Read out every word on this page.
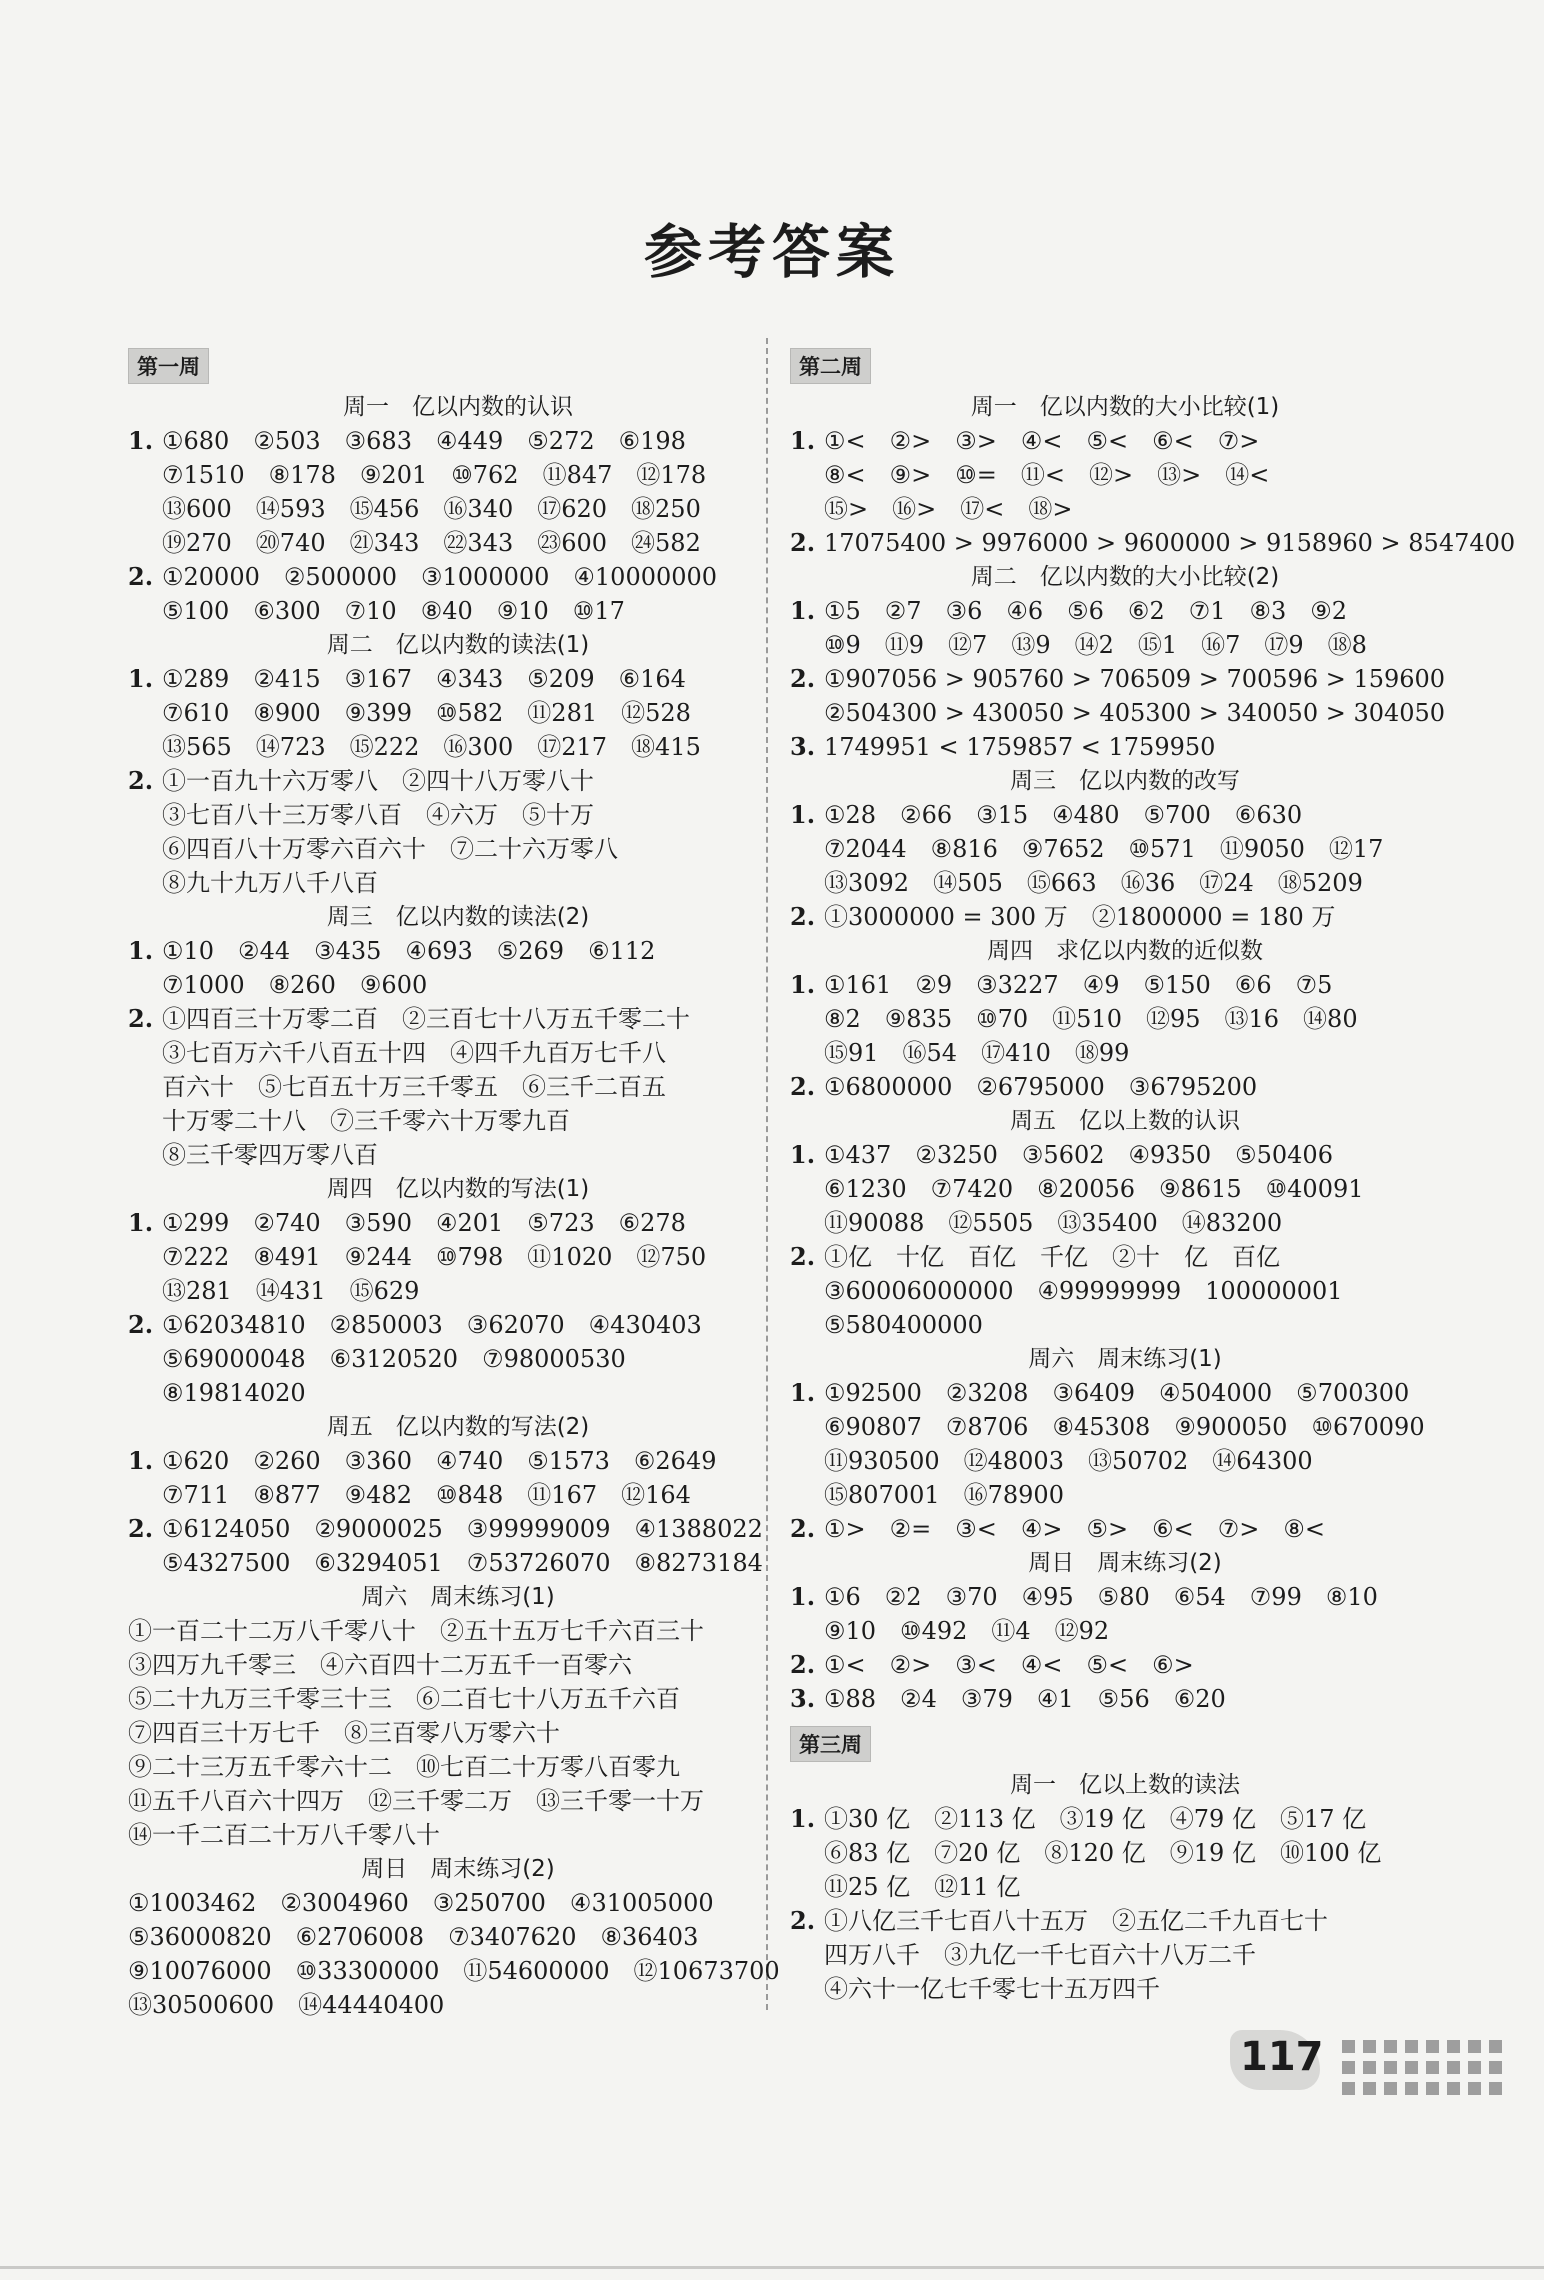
参考答案
第一周
周一　亿以内数的认识
1. ①680　②503　③683　④449　⑤272　⑥198
⑦1510　⑧178　⑨201　⑩762　⑪847　⑫178
⑬600　⑭593　⑮456　⑯340　⑰620　⑱250
⑲270　⑳740　㉑343　㉒343　㉓600　㉔582
2. ①20000　②500000　③1000000　④10000000
⑤100　⑥300　⑦10　⑧40　⑨10　⑩17
周二　亿以内数的读法(1)
1. ①289　②415　③167　④343　⑤209　⑥164
⑦610　⑧900　⑨399　⑩582　⑪281　⑫528
⑬565　⑭723　⑮222　⑯300　⑰217　⑱415
2. ①一百九十六万零八　②四十八万零八十
③七百八十三万零八百　④六万　⑤十万
⑥四百八十万零六百六十　⑦二十六万零八
⑧九十九万八千八百
周三　亿以内数的读法(2)
1. ①10　②44　③435　④693　⑤269　⑥112
⑦1000　⑧260　⑨600
2. ①四百三十万零二百　②三百七十八万五千零二十
③七百万六千八百五十四　④四千九百万七千八
百六十　⑤七百五十万三千零五　⑥三千二百五
十万零二十八　⑦三千零六十万零九百
⑧三千零四万零八百
周四　亿以内数的写法(1)
1. ①299　②740　③590　④201　⑤723　⑥278
⑦222　⑧491　⑨244　⑩798　⑪1020　⑫750
⑬281　⑭431　⑮629
2. ①62034810　②850003　③62070　④430403
⑤69000048　⑥3120520　⑦98000530
⑧19814020
周五　亿以内数的写法(2)
1. ①620　②260　③360　④740　⑤1573　⑥2649
⑦711　⑧877　⑨482　⑩848　⑪167　⑫164
2. ①6124050　②9000025　③99999009　④1388022
⑤4327500　⑥3294051　⑦53726070　⑧8273184
周六　周末练习(1)
①一百二十二万八千零八十　②五十五万七千六百三十
③四万九千零三　④六百四十二万五千一百零六
⑤二十九万三千零三十三　⑥二百七十八万五千六百
⑦四百三十万七千　⑧三百零八万零六十
⑨二十三万五千零六十二　⑩七百二十万零八百零九
⑪五千八百六十四万　⑫三千零二万　⑬三千零一十万
⑭一千二百二十万八千零八十
周日　周末练习(2)
①1003462　②3004960　③250700　④31005000
⑤36000820　⑥2706008　⑦3407620　⑧36403
⑨10076000　⑩33300000　⑪54600000　⑫10673700
⑬30500600　⑭44440400
第二周
周一　亿以内数的大小比较(1)
1. ①<　②>　③>　④<　⑤<　⑥<　⑦>
⑧<　⑨>　⑩=　⑪<　⑫>　⑬>　⑭<
⑮>　⑯>　⑰<　⑱>
2. 17075400 > 9976000 > 9600000 > 9158960 > 8547400
周二　亿以内数的大小比较(2)
1. ①5　②7　③6　④6　⑤6　⑥2　⑦1　⑧3　⑨2
⑩9　⑪9　⑫7　⑬9　⑭2　⑮1　⑯7　⑰9　⑱8
2. ①907056 > 905760 > 706509 > 700596 > 159600
②504300 > 430050 > 405300 > 340050 > 304050
3. 1749951 < 1759857 < 1759950
周三　亿以内数的改写
1. ①28　②66　③15　④480　⑤700　⑥630
⑦2044　⑧816　⑨7652　⑩571　⑪9050　⑫17
⑬3092　⑭505　⑮663　⑯36　⑰24　⑱5209
2. ①3000000 = 300 万　②1800000 = 180 万
周四　求亿以内数的近似数
1. ①161　②9　③3227　④9　⑤150　⑥6　⑦5
⑧2　⑨835　⑩70　⑪510　⑫95　⑬16　⑭80
⑮91　⑯54　⑰410　⑱99
2. ①6800000　②6795000　③6795200
周五　亿以上数的认识
1. ①437　②3250　③5602　④9350　⑤50406
⑥1230　⑦7420　⑧20056　⑨8615　⑩40091
⑪90088　⑫5505　⑬35400　⑭83200
2. ①亿　十亿　百亿　千亿　②十　亿　百亿
③60006000000　④99999999　100000001
⑤580400000
周六　周末练习(1)
1. ①92500　②3208　③6409　④504000　⑤700300
⑥90807　⑦8706　⑧45308　⑨900050　⑩670090
⑪930500　⑫48003　⑬50702　⑭64300
⑮807001　⑯78900
2. ①>　②=　③<　④>　⑤>　⑥<　⑦>　⑧<
周日　周末练习(2)
1. ①6　②2　③70　④95　⑤80　⑥54　⑦99　⑧10
⑨10　⑩492　⑪4　⑫92
2. ①<　②>　③<　④<　⑤<　⑥>
3. ①88　②4　③79　④1　⑤56　⑥20
第三周
周一　亿以上数的读法
1. ①30 亿　②113 亿　③19 亿　④79 亿　⑤17 亿
⑥83 亿　⑦20 亿　⑧120 亿　⑨19 亿　⑩100 亿
⑪25 亿　⑫11 亿
2. ①八亿三千七百八十五万　②五亿二千九百七十
四万八千　③九亿一千七百六十八万二千
④六十一亿七千零七十五万四千
117
